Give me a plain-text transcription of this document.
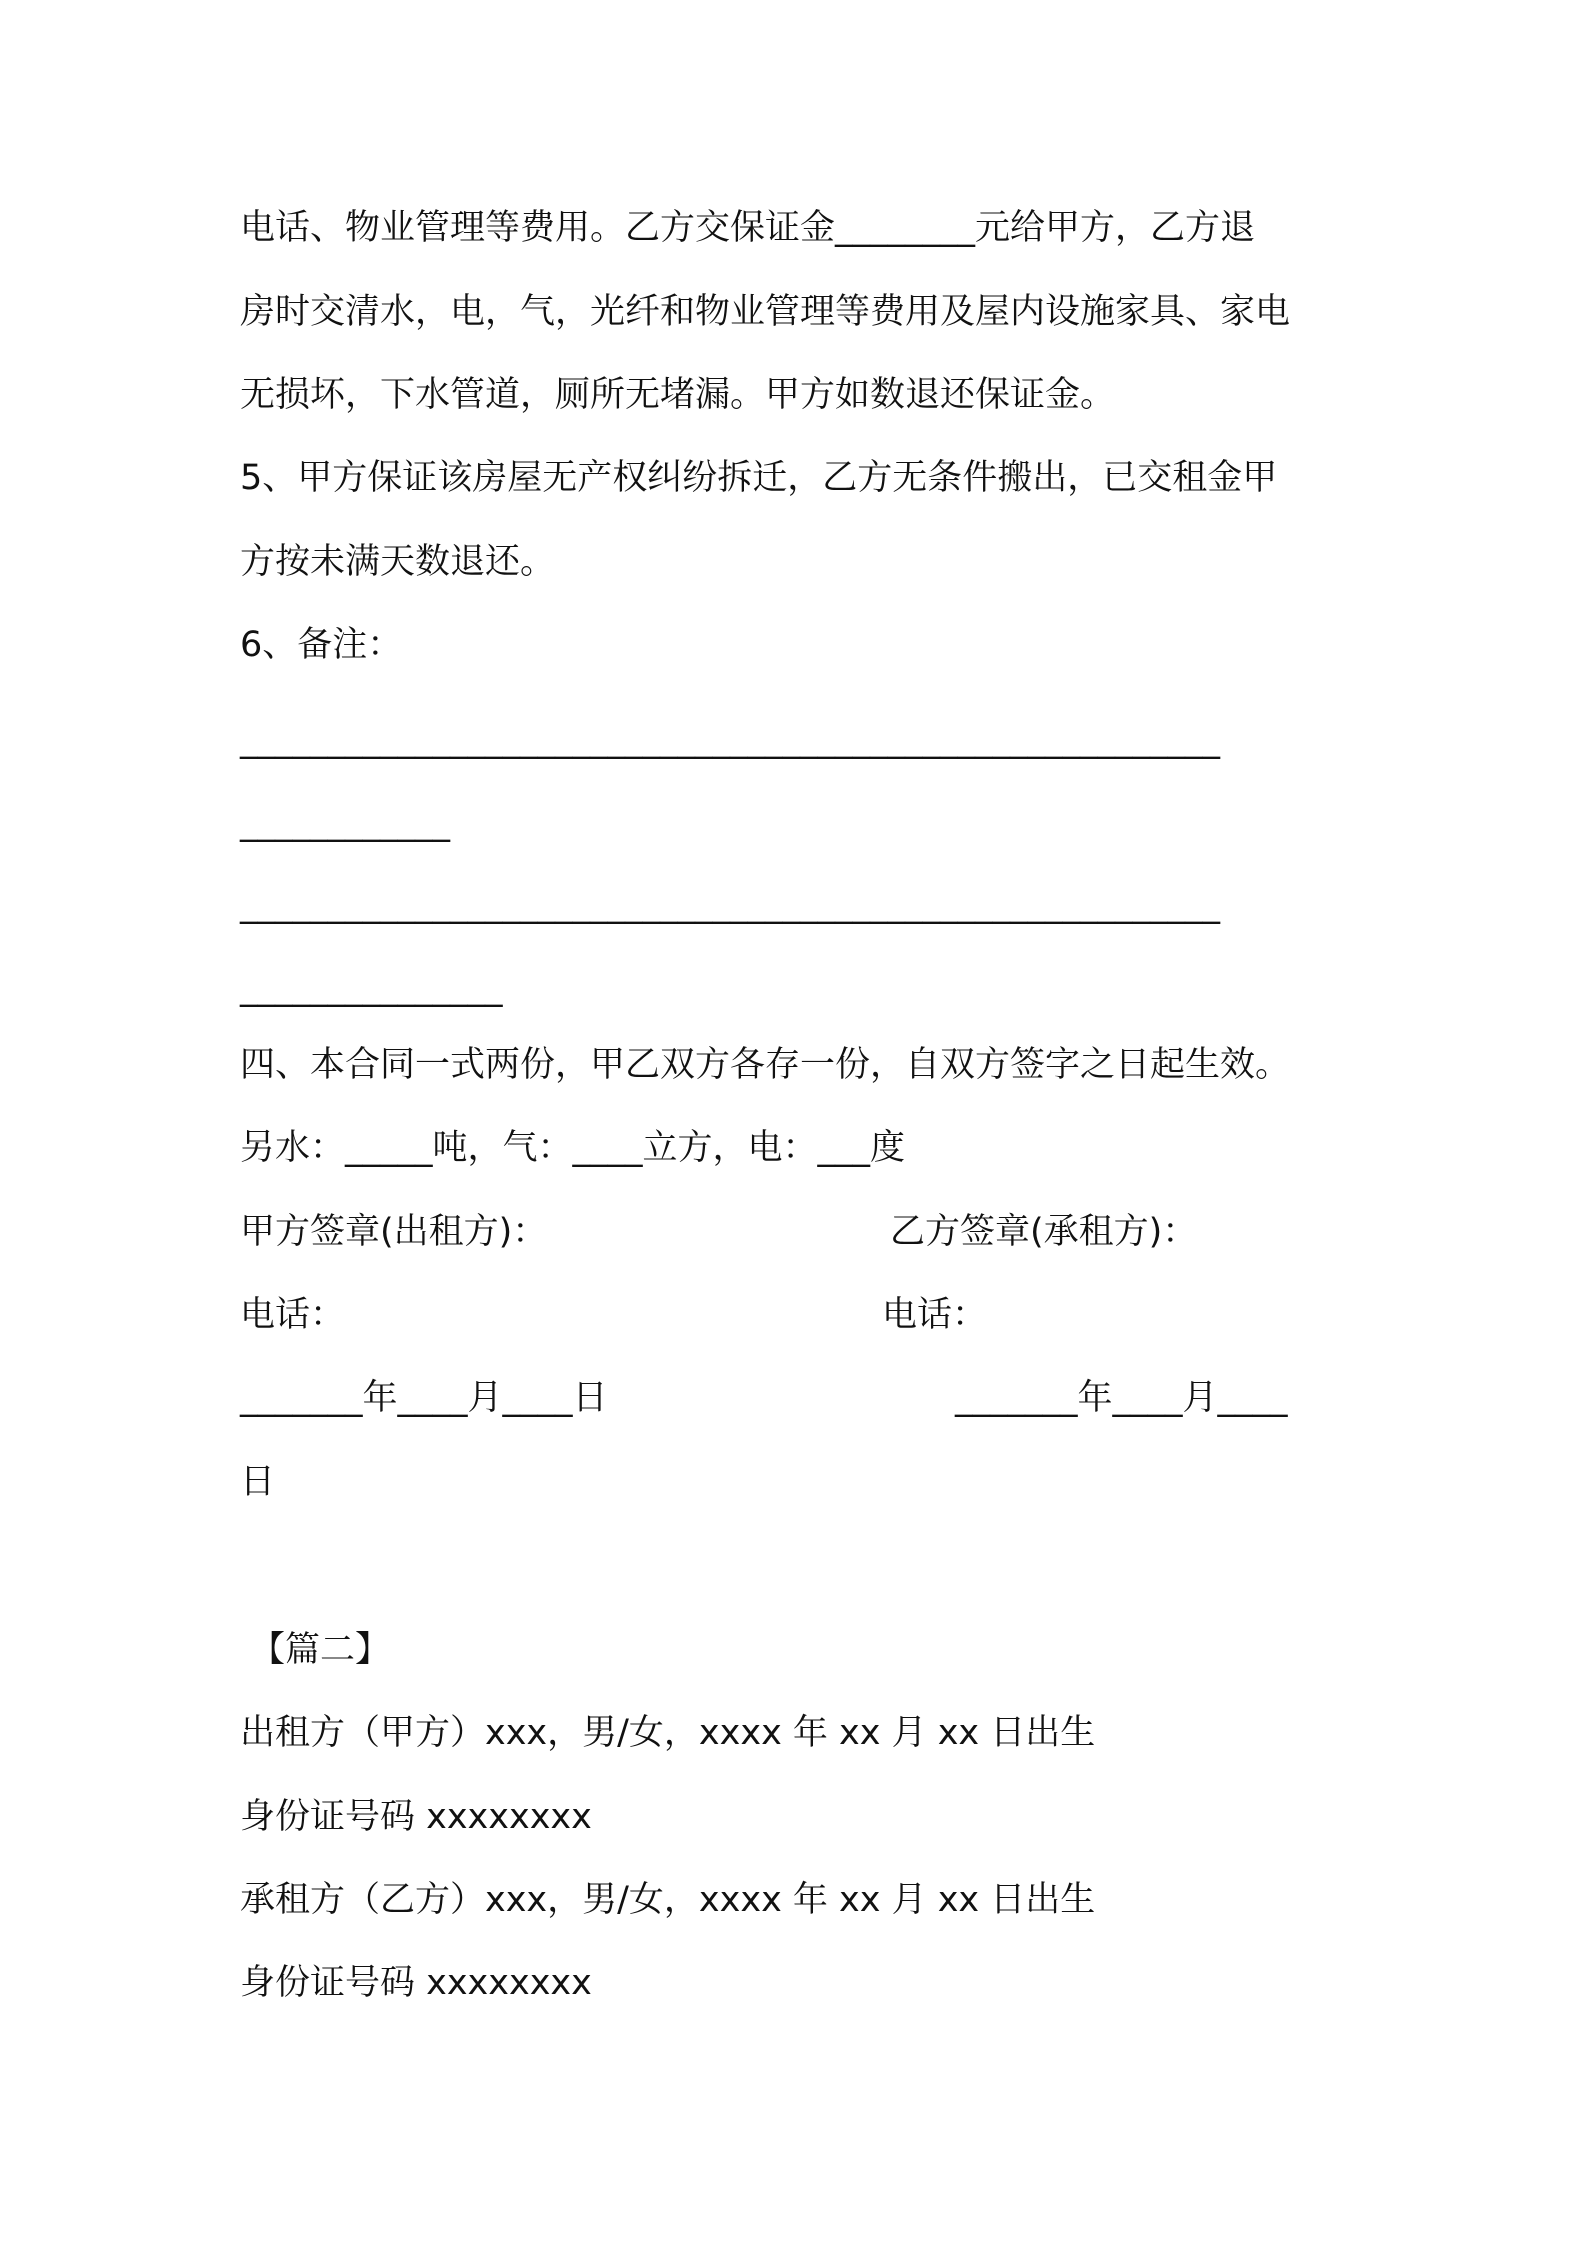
电话、物业管理等费用。乙方交保证金________元给甲方，乙方退

房时交清水，电，气，光纤和物业管理等费用及屋内设施家具、家电

无损坏，下水管道，厕所无堵漏。甲方如数退还保证金。

5、甲方保证该房屋无产权纠纷拆迁，乙方无条件搬出，已交租金甲

方按未满天数退还。

6、备注：

________________________________________________________

____________

________________________________________________________

_______________

四、本合同一式两份，甲乙双方各存一份，自双方签字之日起生效。

另水：_____吨，气：____立方，电：___度

甲方签章(出租方)：	乙方签章(承租方)：

电话：	电话：

_______年____月____日	_______年____月____

日

【篇二】

出租方（甲方）xxx，男/女，xxxx 年 xx 月 xx 日出生

身份证号码 xxxxxxxx

承租方（乙方）xxx，男/女，xxxx 年 xx 月 xx 日出生

身份证号码 xxxxxxxx
